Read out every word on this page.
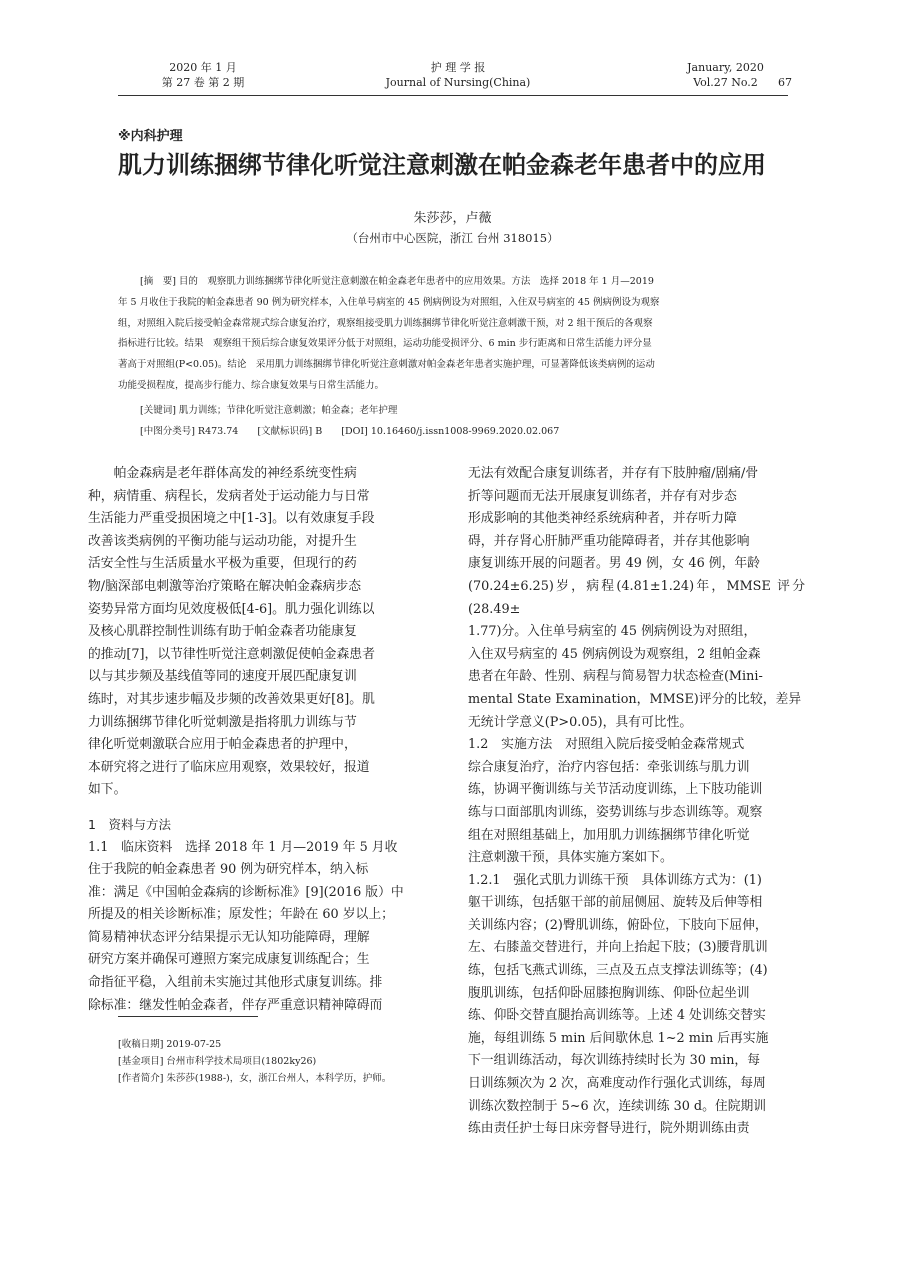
2020 年 1 月
第 27 卷 第 2 期
护 理 学 报
Journal of Nursing(China)
January, 2020
Vol.27 No.2	67
※内科护理
肌力训练捆绑节律化听觉注意刺激在帕金森老年患者中的应用
朱莎莎，卢薇
（台州市中心医院，浙江 台州 318015）
[摘　要] 目的　观察肌力训练捆绑节律化听觉注意刺激在帕金森老年患者中的应用效果。方法　选择 2018 年 1 月—2019
年 5 月收住于我院的帕金森患者 90 例为研究样本，入住单号病室的 45 例病例设为对照组，入住双号病室的 45 例病例设为观察
组，对照组入院后接受帕金森常规式综合康复治疗，观察组接受肌力训练捆绑节律化听觉注意刺激干预，对 2 组干预后的各观察
指标进行比较。结果　观察组干预后综合康复效果评分低于对照组，运动功能受损评分、6 min 步行距离和日常生活能力评分显
著高于对照组(P<0.05)。结论　采用肌力训练捆绑节律化听觉注意刺激对帕金森老年患者实施护理，可显著降低该类病例的运动
功能受损程度，提高步行能力、综合康复效果与日常生活能力。
[关键词] 肌力训练；节律化听觉注意刺激；帕金森；老年护理
[中图分类号] R473.74　　[文献标识码] B　　[DOI] 10.16460/j.issn1008-9969.2020.02.067

　　帕金森病是老年群体高发的神经系统变性病

种，病情重、病程长，发病者处于运动能力与日常

生活能力严重受损困境之中[1-3]。以有效康复手段

改善该类病例的平衡功能与运动功能，对提升生

活安全性与生活质量水平极为重要，但现行的药

物/脑深部电刺激等治疗策略在解决帕金森病步态

姿势异常方面均见效度极低[4-6]。肌力强化训练以

及核心肌群控制性训练有助于帕金森者功能康复

的推动[7]，以节律性听觉注意刺激促使帕金森患者

以与其步频及基线值等同的速度开展匹配康复训

练时，对其步速步幅及步频的改善效果更好[8]。肌

力训练捆绑节律化听觉刺激是指将肌力训练与节

律化听觉刺激联合应用于帕金森患者的护理中，

本研究将之进行了临床应用观察，效果较好，报道

如下。

1　资料与方法

1.1　临床资料　选择 2018 年 1 月—2019 年 5 月收

住于我院的帕金森患者 90 例为研究样本，纳入标

准：满足《中国帕金森病的诊断标准》[9](2016 版）中

所提及的相关诊断标准；原发性；年龄在 60 岁以上；

简易精神状态评分结果提示无认知功能障碍，理解

研究方案并确保可遵照方案完成康复训练配合；生

命指征平稳，入组前未实施过其他形式康复训练。排

除标准：继发性帕金森者，伴存严重意识精神障碍而

无法有效配合康复训练者，并存有下肢肿瘤/剧痛/骨

折等问题而无法开展康复训练者，并存有对步态

形成影响的其他类神经系统病种者，并存听力障

碍，并存肾心肝肺严重功能障碍者，并存其他影响

康复训练开展的问题者。男 49 例，女 46 例，年龄

(70.24±6.25)岁，病程(4.81±1.24)年，MMSE 评分(28.49±

1.77)分。入住单号病室的 45 例病例设为对照组，

入住双号病室的 45 例病例设为观察组，2 组帕金森

患者在年龄、性别、病程与简易智力状态检查(Mini-

mental State Examination，MMSE)评分的比较，差异

无统计学意义(P>0.05)，具有可比性。

1.2　实施方法　对照组入院后接受帕金森常规式

综合康复治疗，治疗内容包括：牵张训练与肌力训

练，协调平衡训练与关节活动度训练，上下肢功能训

练与口面部肌肉训练，姿势训练与步态训练等。观察

组在对照组基础上，加用肌力训练捆绑节律化听觉

注意刺激干预，具体实施方案如下。

1.2.1　强化式肌力训练干预　具体训练方式为：(1)

躯干训练，包括躯干部的前屈侧屈、旋转及后伸等相

关训练内容；(2)臀肌训练，俯卧位，下肢向下屈伸，

左、右膝盖交替进行，并向上抬起下肢；(3)腰背肌训

练，包括飞燕式训练，三点及五点支撑法训练等；(4)

腹肌训练，包括仰卧屈膝抱胸训练、仰卧位起坐训

练、仰卧交替直腿抬高训练等。上述 4 处训练交替实

施，每组训练 5 min 后间歇休息 1~2 min 后再实施

下一组训练活动，每次训练持续时长为 30 min，每

日训练频次为 2 次，高难度动作行强化式训练，每周

训练次数控制于 5~6 次，连续训练 30 d。住院期训

练由责任护士每日床旁督导进行，院外期训练由责

[收稿日期] 2019-07-25
[基金项目] 台州市科学技术局项目(1802ky26)
[作者简介] 朱莎莎(1988-)，女，浙江台州人，本科学历，护师。
